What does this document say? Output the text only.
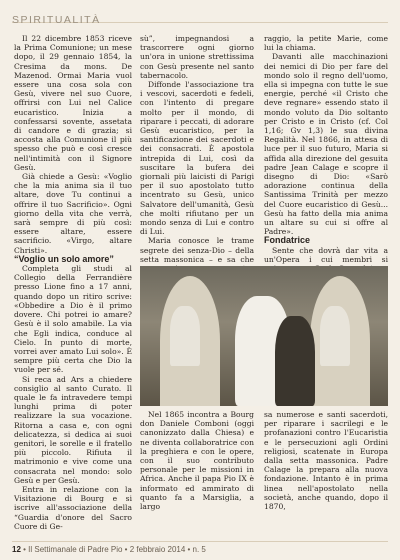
SPIRITUALITÀ

Il 22 dicembre 1853 riceve la Prima Comunione; un mese dopo, il 29 gennaio 1854, la Cresima da mons. De Mazenod. Ormai Maria vuol essere una cosa sola con Gesù, vivere nel suo Cuore, offrirsi con Lui nel Calice eucaristico. Inizia a confessarsi sovente, assetata di candore e di grazia; si accosta alla Comunione il più spesso che può e così cresce nell'intimità con il Signore Gesù.

Già chiede a Gesù: «Voglio che la mia anima sia il tuo altare, dove Tu continui a offrire il tuo Sacrificio». Ogni giorno della vita che verrà, sarà sempre di più così: essere altare, essere sacrificio. «Virgo, altare Christi».

“Voglio un solo amore”

Completa gli studi al Collegio della Ferrandière presso Lione fino a 17 anni, quando dopo un ritiro scrive: «Obbedire a Dio è il primo dovere. Chi potrei io amare? Gesù è il solo amabile. La via che Egli indica, conduce al Cielo. In punto di morte, vorrei aver amato Lui solo». È sempre più certa che Dio la vuole per sé.

Si reca ad Ars a chiedere consiglio al santo Curato. Il quale le fa intravedere tempi lunghi prima di poter realizzare la sua vocazione. Ritorna a casa e, con ogni delicatezza, si dedica ai suoi genitori, le sorelle e il fratello più piccolo. Rifiuta il matrimonio e vive come una consacrata nel mondo: solo Gesù e per Gesù.

Entra in relazione con la Visitazione di Bourg e si iscrive all'associazione della “Guardia d'onore del Sacro Cuore di Ge-

sù”, impegnandosi a trascorrere ogni giorno un'ora in unione strettissima con Gesù presente nel santo tabernacolo.

Diffonde l'associazione tra i vescovi, sacerdoti e fedeli, con l'intento di pregare molto per il mondo, di riparare i peccati, di adorare Gesù eucaristico, per la santificazione dei sacerdoti e dei consacrati. È apostola intrepida di Lui, così da suscitare la bufera dei giornali più laicisti di Parigi per il suo apostolato tutto incentrato su Gesù, unico Salvatore dell'umanità, Gesù che molti rifiutano per un mondo senza di Lui e contro di Lui.

Maria conosce le trame segrete dei senza-Dio – della setta massonica – e sa che

raggio, la petite Marie, come lui la chiama.

Davanti alle macchinazioni dei nemici di Dio per fare del mondo solo il regno dell'uomo, ella si impegna con tutte le sue energie, perché «il Cristo che deve regnare» essendo stato il mondo voluto da Dio soltanto per Cristo e in Cristo (cf. Col 1,16; Gv 1,3) le sua divina Regalità. Nel 1866, in attesa di luce per il suo futuro, Maria si affida alla direzione del gesuita padre Jean Calage e scopre il disegno di Dio: «Sarò adorazione continua della Santissima Trinità per mezzo del Cuore eucaristico di Gesù... Gesù ha fatto della mia anima un altare su cui si offre al Padre».

Fondatrice

Sente che dovrà dar vita a un'Opera i cui membri si

Nel 1865 incontra a Bourg don Daniele Comboni (oggi canonizzato dalla Chiesa) e ne diventa collaboratrice con la preghiera e con le opere, con il suo contributo personale per le missioni in Africa. Anche il papa Pio IX è informato ed ammirato di quanto fa a Marsiglia, a largo

sa numerose e santi sacerdoti, per riparare i sacrilegi e le profanazioni contro l'Eucaristia e le persecuzioni agli Ordini religiosi, scatenate in Europa dalla setta massonica. Padre Calage la prepara alla nuova fondazione. Intanto è in prima linea nell'apostolato nella società, anche quando, dopo il 1870,

12 • Il Settimanale di Padre Pio • 2 febbraio 2014 • n. 5
